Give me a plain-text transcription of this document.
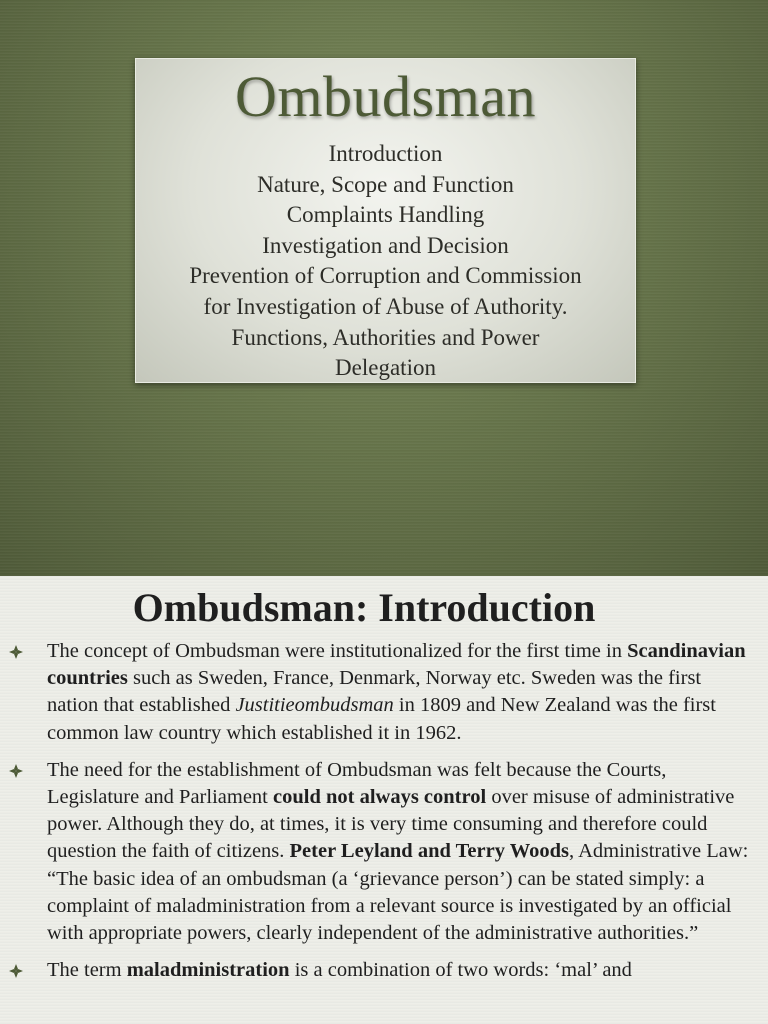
Ombudsman
Introduction
Nature, Scope and Function
Complaints Handling
Investigation and Decision
Prevention of Corruption and Commission
for Investigation of Abuse of Authority.
Functions, Authorities and Power
Delegation
Ombudsman: Introduction
The concept of Ombudsman were institutionalized for the first time in Scandinavian countries such as Sweden, France, Denmark, Norway etc. Sweden was the first nation that established Justitieombudsman in 1809 and New Zealand was the first common law country which established it in 1962.
The need for the establishment of Ombudsman was felt because the Courts, Legislature and Parliament could not always control over misuse of administrative power. Although they do, at times, it is very time consuming and therefore could question the faith of citizens. Peter Leyland and Terry Woods, Administrative Law: “The basic idea of an ombudsman (a ‘grievance person’) can be stated simply: a complaint of maladministration from a relevant source is investigated by an official with appropriate powers, clearly independent of the administrative authorities.”
The term maladministration is a combination of two words: ‘mal’ and
